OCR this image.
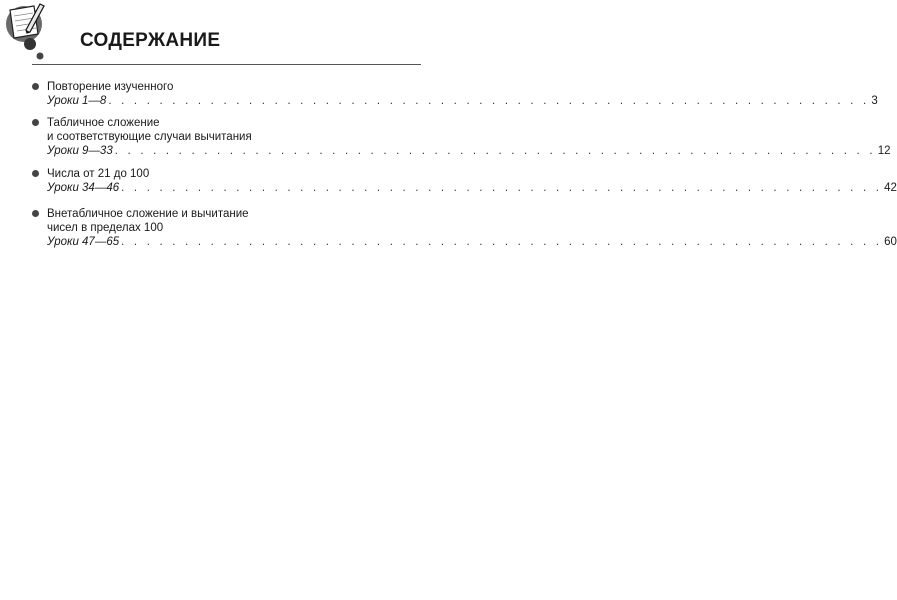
СОДЕРЖАНИЕ
Повторение изученного
Уроки 1—8 . . . . . . . . . . . . . . . . . . . . . . . . . . . . . . . . . . . . . . . . . . . . . . . . . . . . . . . . . . . . 3
Табличное сложение
и соответствующие случаи вычитания
Уроки 9—33 . . . . . . . . . . . . . . . . . . . . . . . . . . . . . . . . . . . . . . . . . . . . . . . . . . . . . . . . . . . . 12
Числа от 21 до 100
Уроки 34—46 . . . . . . . . . . . . . . . . . . . . . . . . . . . . . . . . . . . . . . . . . . . . . . . . . . . . . . . . . . . . 42
Внетабличное сложение и вычитание
чисел в пределах 100
Уроки 47—65 . . . . . . . . . . . . . . . . . . . . . . . . . . . . . . . . . . . . . . . . . . . . . . . . . . . . . . . . . . . . 60
